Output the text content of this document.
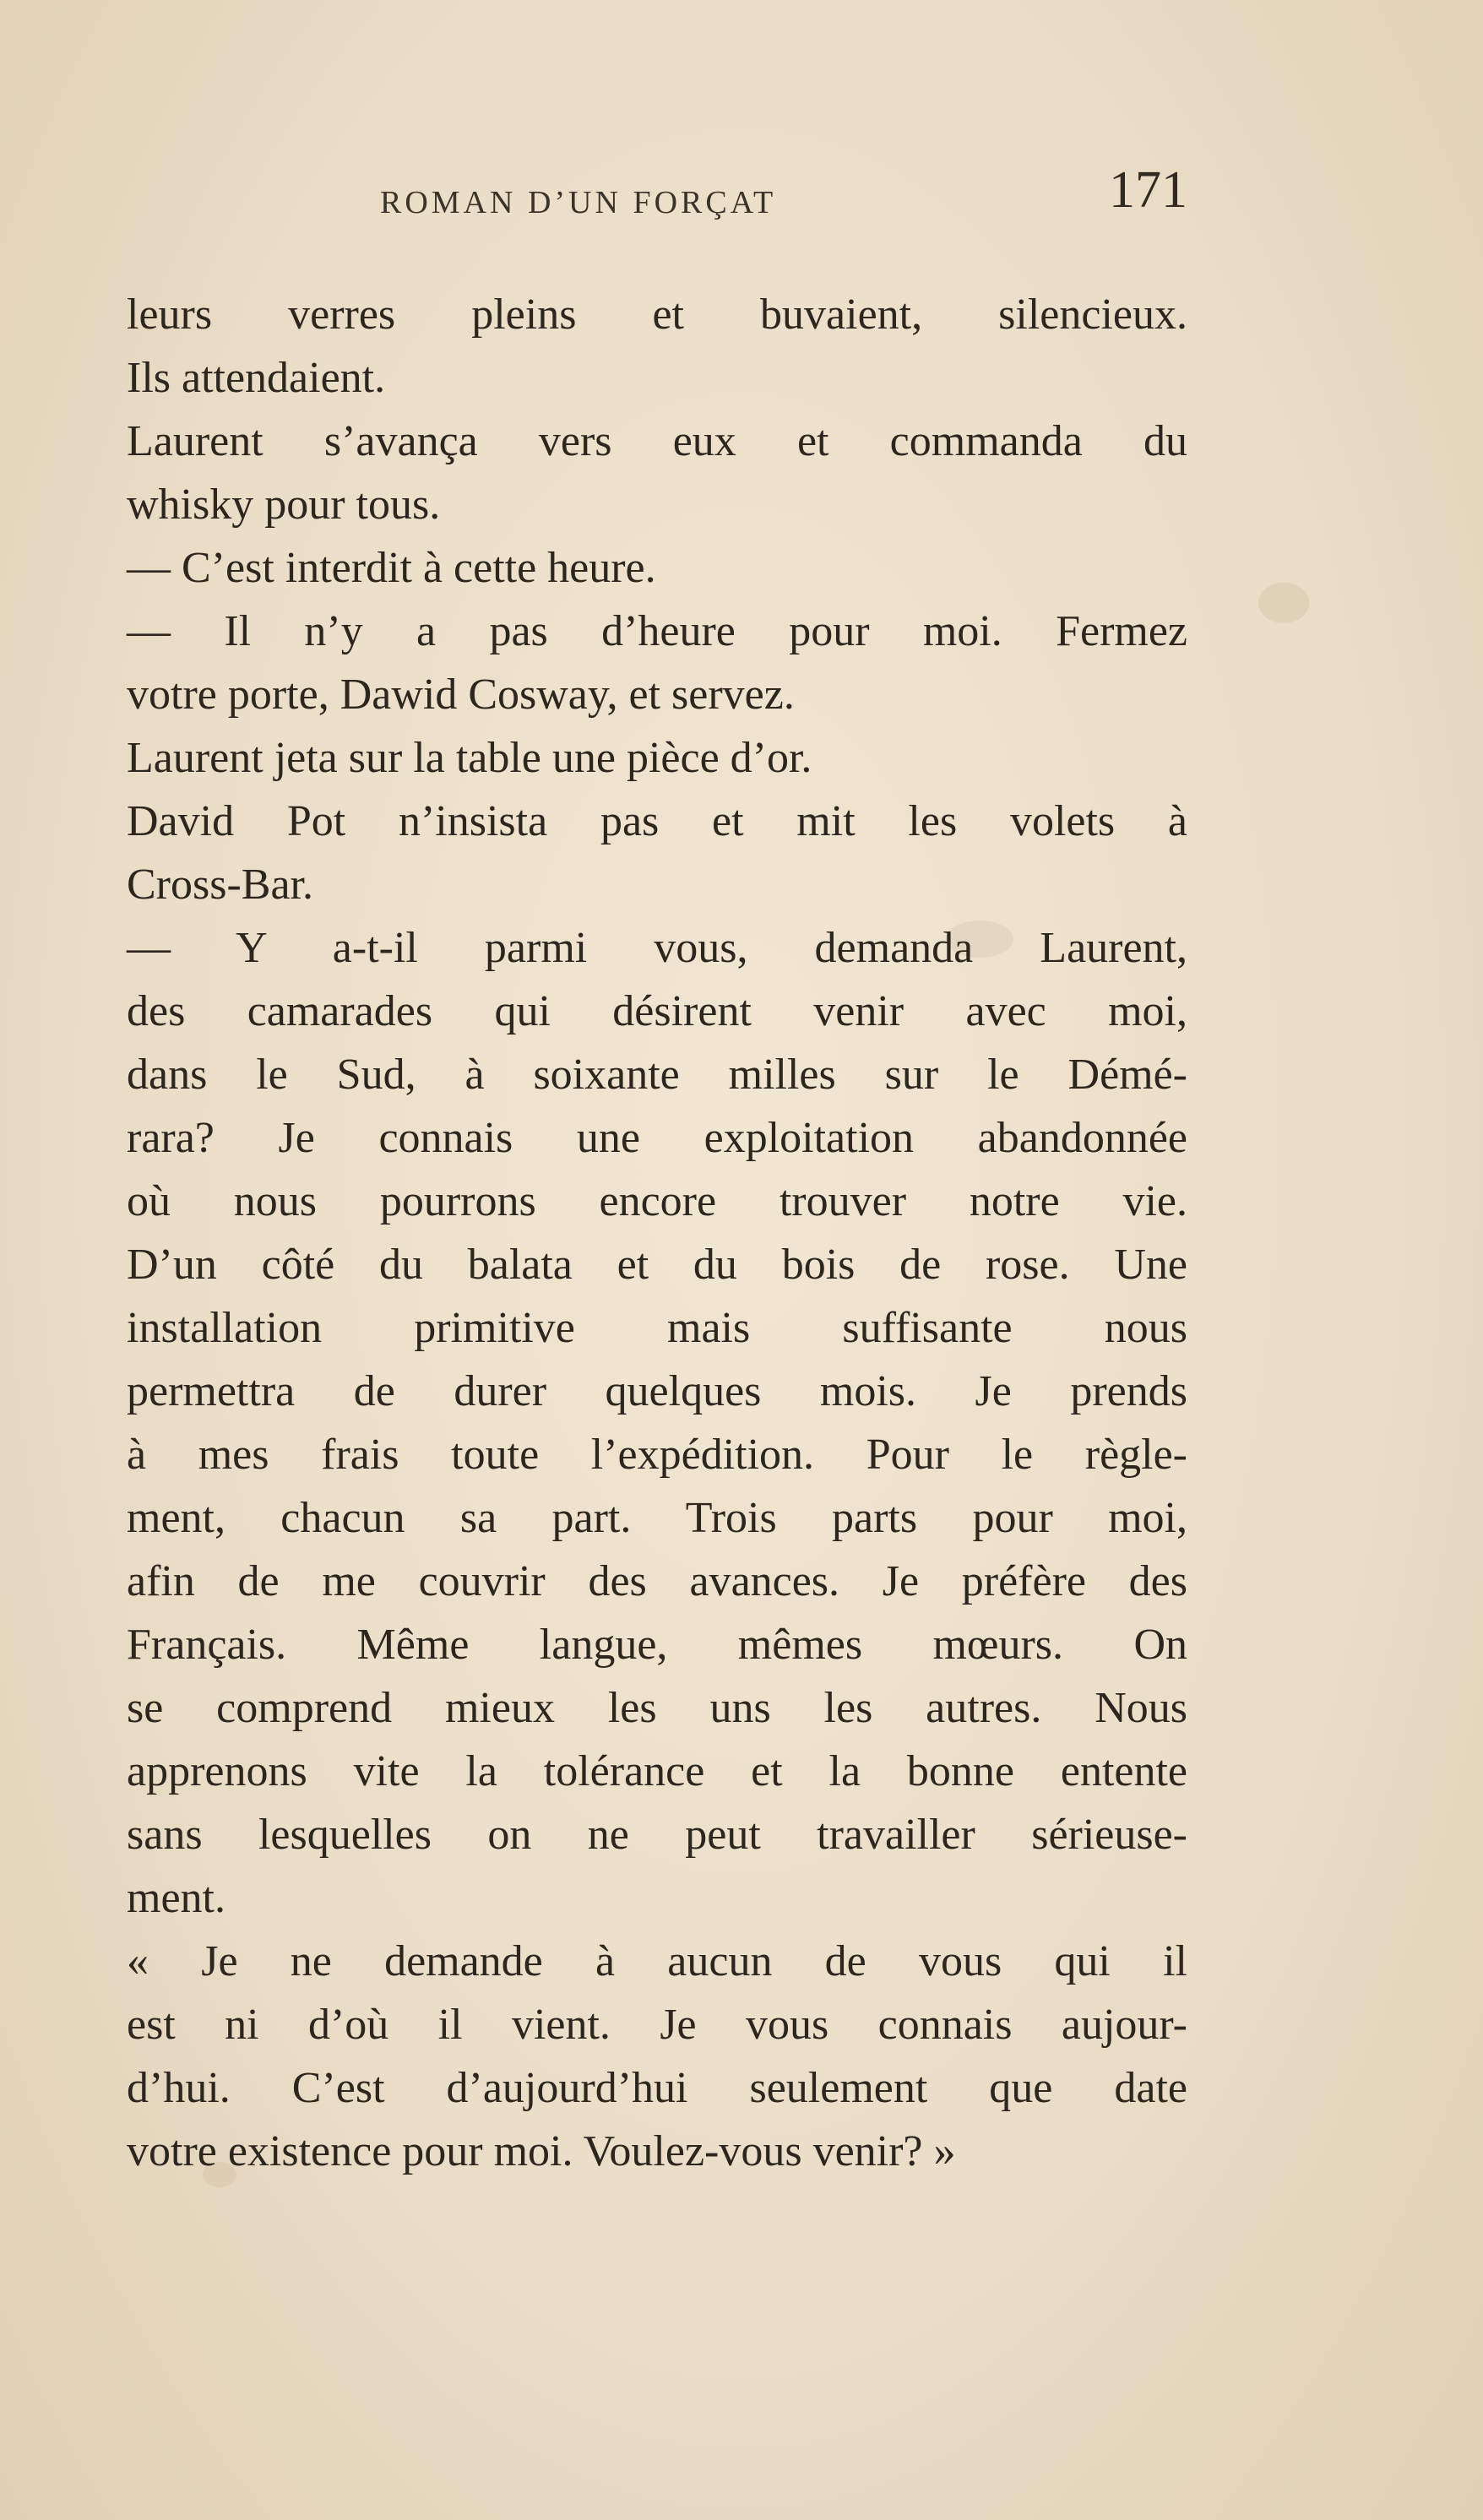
ROMAN D’UN FORÇAT	171
leurs verres pleins et buvaient, silencieux.
Ils attendaient.
Laurent s’avança vers eux et commanda du
whisky pour tous.
— C’est interdit à cette heure.
— Il n’y a pas d’heure pour moi. Fermez
votre porte, Dawid Cosway, et servez.
Laurent jeta sur la table une pièce d’or.
David Pot n’insista pas et mit les volets à
Cross-Bar.
— Y a-t-il parmi vous, demanda Laurent,
des camarades qui désirent venir avec moi,
dans le Sud, à soixante milles sur le Démé-
rara? Je connais une exploitation abandonnée
où nous pourrons encore trouver notre vie.
D’un côté du balata et du bois de rose. Une
installation primitive mais suffisante nous
permettra de durer quelques mois. Je prends
à mes frais toute l’expédition. Pour le règle-
ment, chacun sa part. Trois parts pour moi,
afin de me couvrir des avances. Je préfère des
Français. Même langue, mêmes mœurs. On
se comprend mieux les uns les autres. Nous
apprenons vite la tolérance et la bonne entente
sans lesquelles on ne peut travailler sérieuse-
ment.
« Je ne demande à aucun de vous qui il
est ni d’où il vient. Je vous connais aujour-
d’hui. C’est d’aujourd’hui seulement que date
votre existence pour moi. Voulez-vous venir? »
